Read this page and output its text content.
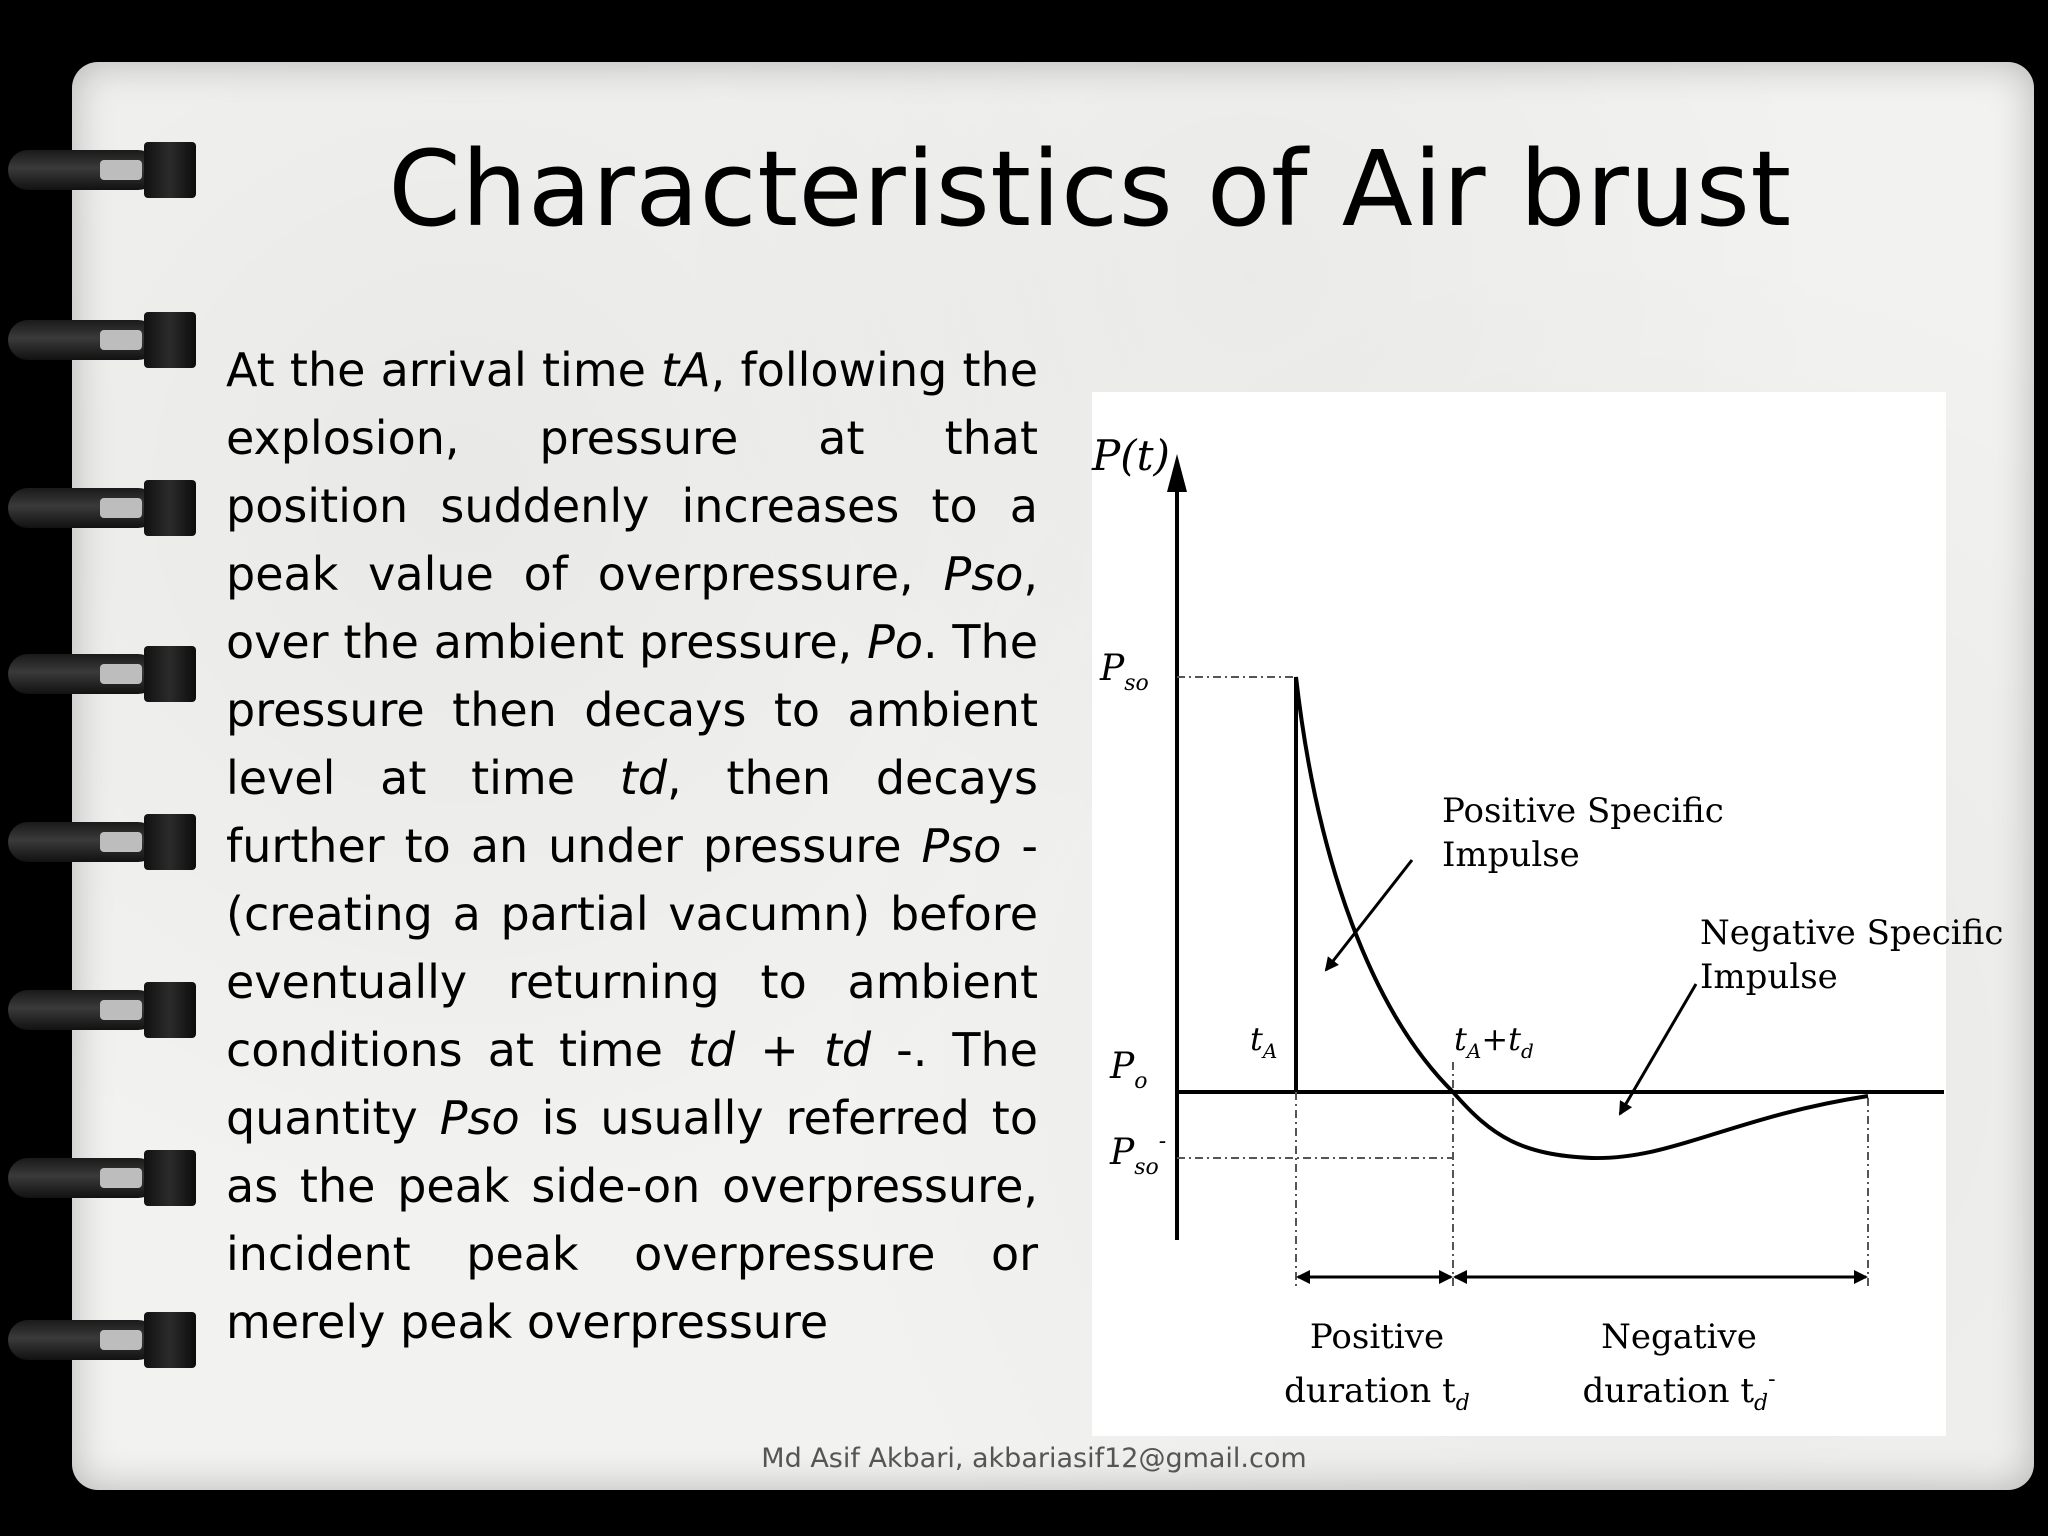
Characteristics of Air brust
At the arrival time tA, following the explosion, pressure at that position suddenly increases to a peak value of overpressure, Pso, over the ambient pressure, Po. The pressure then decays to ambient level at time td, then decays further to an under pressure Pso - (creating a partial vacumn) before eventually returning to ambient conditions at time td + td -. The quantity Pso is usually referred to as the peak side-on overpressure, incident peak overpressure or merely peak overpressure
P(t)
$P_{so}$
$P_o$
$P_{so}^-$
$t_A$	$t_A+t_d$
Positive Specific Impulse
Negative Specific Impulse
Positive duration $t_d$
Negative duration $t_d^-$
Md Asif Akbari, akbariasif12@gmail.com
